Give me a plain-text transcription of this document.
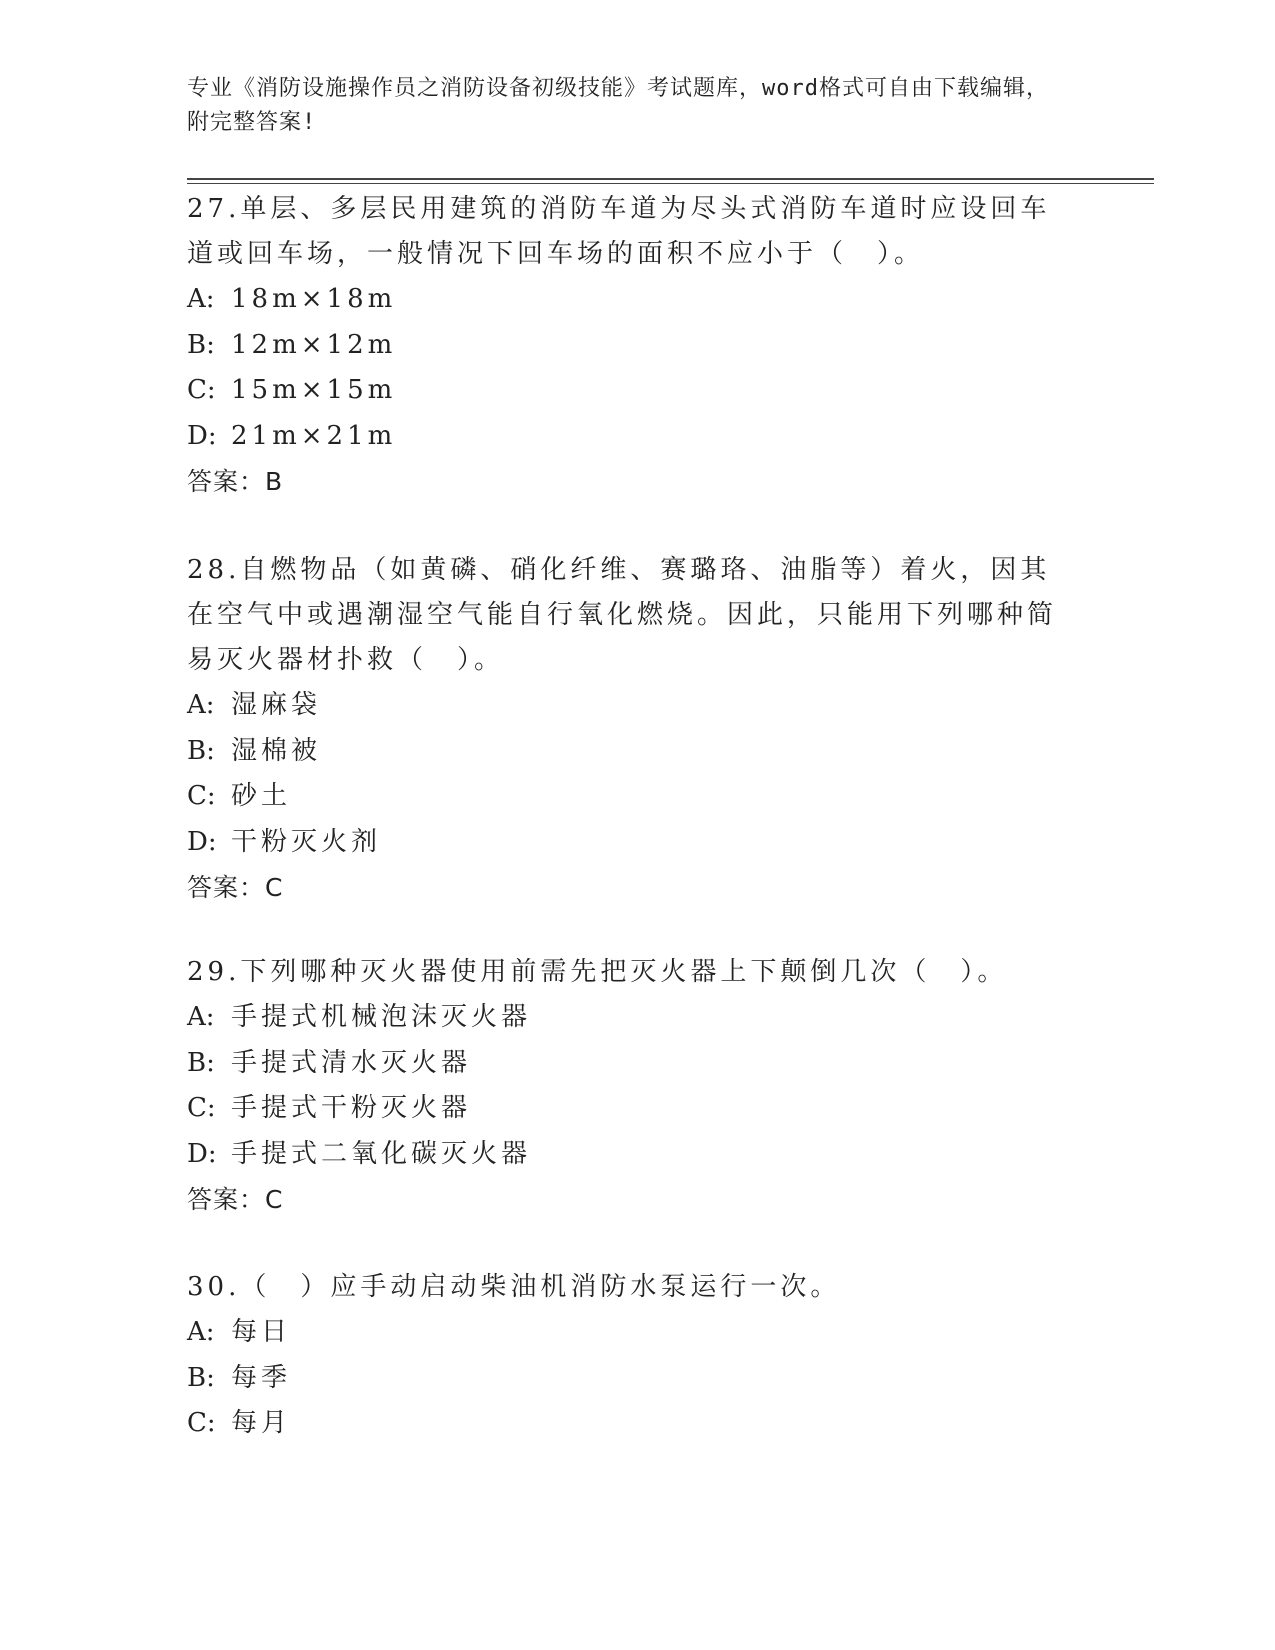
专业《消防设施操作员之消防设备初级技能》考试题库，word格式可自由下载编辑，附完整答案!

27.单层、多层民用建筑的消防车道为尽头式消防车道时应设回车道或回车场，一般情况下回车场的面积不应小于（　）。

A: 18m×18m

B: 12m×12m

C: 15m×15m

D: 21m×21m

答案：B

28.自燃物品（如黄磷、硝化纤维、赛璐珞、油脂等）着火，因其在空气中或遇潮湿空气能自行氧化燃烧。因此，只能用下列哪种简易灭火器材扑救（　）。

A: 湿麻袋

B: 湿棉被

C: 砂土

D: 干粉灭火剂

答案：C

29.下列哪种灭火器使用前需先把灭火器上下颠倒几次（　）。

A: 手提式机械泡沫灭火器

B: 手提式清水灭火器

C: 手提式干粉灭火器

D: 手提式二氧化碳灭火器

答案：C

30.（　）应手动启动柴油机消防水泵运行一次。

A: 每日

B: 每季

C: 每月
